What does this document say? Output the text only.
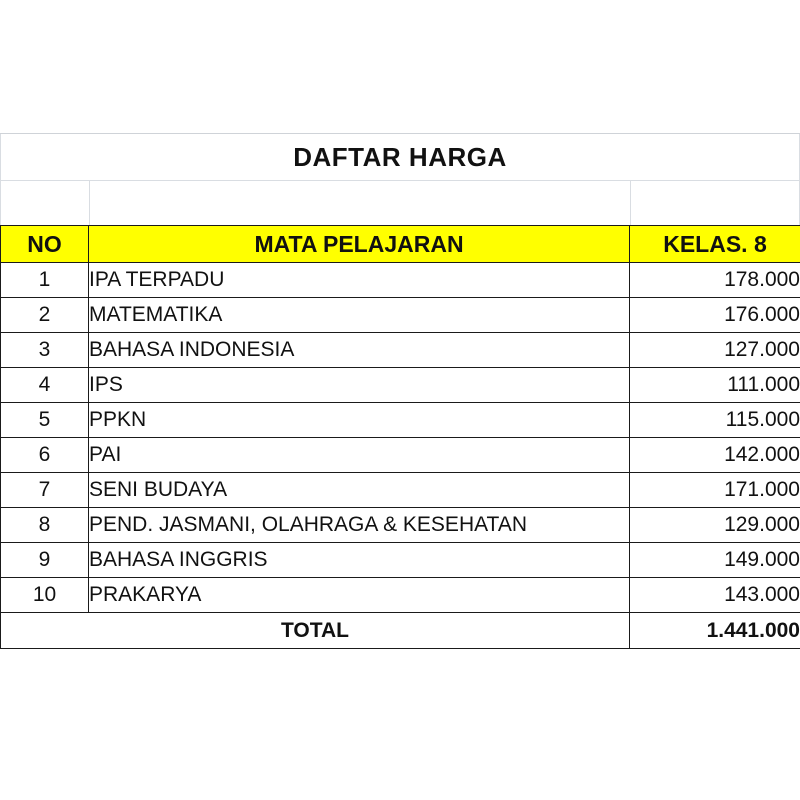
DAFTAR HARGA
NO	MATA PELAJARAN	KELAS. 8
1	IPA TERPADU	178.000
2	MATEMATIKA	176.000
3	BAHASA INDONESIA	127.000
4	IPS	111.000
5	PPKN	115.000
6	PAI	142.000
7	SENI BUDAYA	171.000
8	PEND. JASMANI, OLAHRAGA & KESEHATAN	129.000
9	BAHASA INGGRIS	149.000
10	PRAKARYA	143.000
TOTAL		1.441.000
